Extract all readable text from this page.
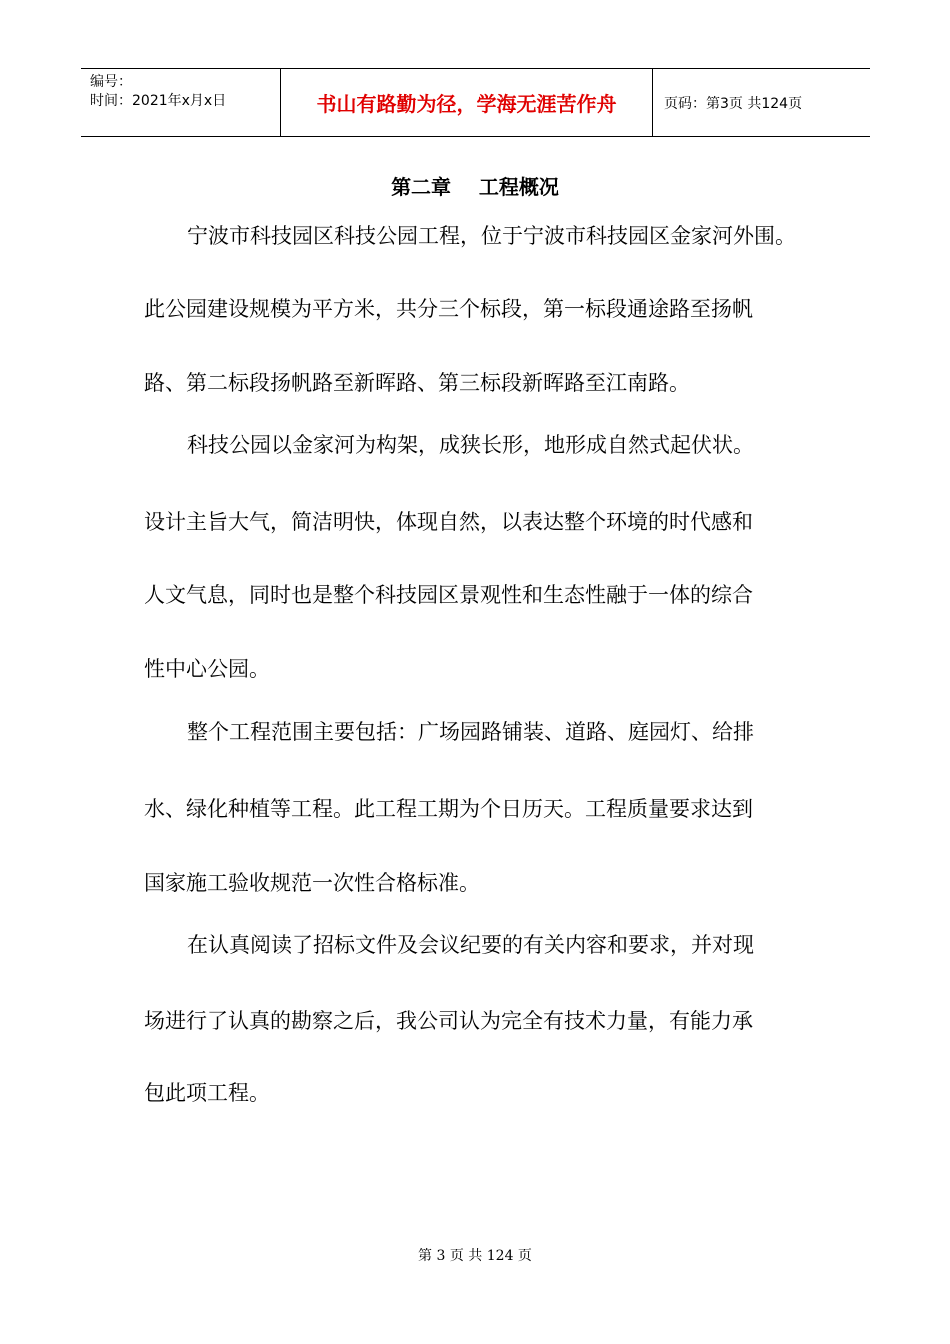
编号：
时间：2021年x月x日	书山有路勤为径，学海无涯苦作舟	页码：第3页 共124页
第二章    工程概况
宁波市科技园区科技公园工程，位于宁波市科技园区金家河外围。
此公园建设规模为平方米，共分三个标段，第一标段通途路至扬帆
路、第二标段扬帆路至新晖路、第三标段新晖路至江南路。
科技公园以金家河为构架，成狭长形，地形成自然式起伏状。
设计主旨大气，简洁明快，体现自然，以表达整个环境的时代感和
人文气息，同时也是整个科技园区景观性和生态性融于一体的综合
性中心公园。
整个工程范围主要包括：广场园路铺装、道路、庭园灯、给排
水、绿化种植等工程。此工程工期为个日历天。工程质量要求达到
国家施工验收规范一次性合格标准。
在认真阅读了招标文件及会议纪要的有关内容和要求，并对现
场进行了认真的勘察之后，我公司认为完全有技术力量，有能力承
包此项工程。
第 3 页 共 124 页
